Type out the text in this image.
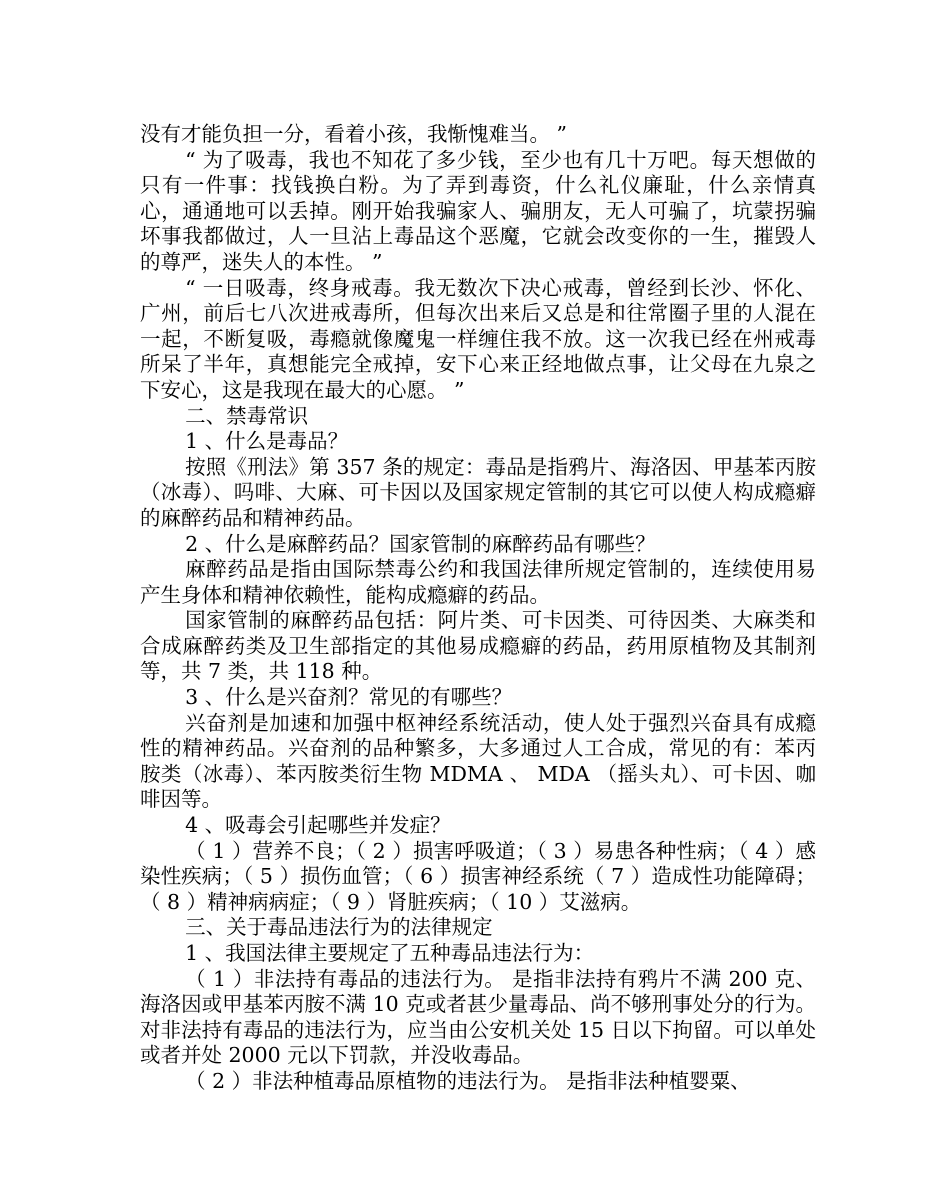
没有才能负担一分，看着小孩，我惭愧难当。 ”

“ 为了吸毒，我也不知花了多少钱，至少也有几十万吧。每天想做的只有一件事：找钱换白粉。为了弄到毒资，什么礼仪廉耻，什么亲情真心，通通地可以丢掉。刚开始我骗家人、骗朋友，无人可骗了，坑蒙拐骗坏事我都做过，人一旦沾上毒品这个恶魔，它就会改变你的一生，摧毁人的尊严，迷失人的本性。 ”

“ 一日吸毒，终身戒毒。我无数次下决心戒毒，曾经到长沙、怀化、广州，前后七八次进戒毒所，但每次出来后又总是和往常圈子里的人混在一起，不断复吸，毒瘾就像魔鬼一样缠住我不放。这一次我已经在州戒毒所呆了半年，真想能完全戒掉，安下心来正经地做点事，让父母在九泉之下安心，这是我现在最大的心愿。 ”

二、禁毒常识

1 、什么是毒品？

按照《刑法》第 357 条的规定：毒品是指鸦片、海洛因、甲基苯丙胺（冰毒）、吗啡、大麻、可卡因以及国家规定管制的其它可以使人构成瘾癖的麻醉药品和精神药品。

2 、什么是麻醉药品？国家管制的麻醉药品有哪些？

麻醉药品是指由国际禁毒公约和我国法律所规定管制的，连续使用易产生身体和精神依赖性，能构成瘾癖的药品。

国家管制的麻醉药品包括：阿片类、可卡因类、可待因类、大麻类和合成麻醉药类及卫生部指定的其他易成瘾癖的药品，药用原植物及其制剂等，共 7 类，共 118 种。

3 、什么是兴奋剂？常见的有哪些？

兴奋剂是加速和加强中枢神经系统活动，使人处于强烈兴奋具有成瘾性的精神药品。兴奋剂的品种繁多，大多通过人工合成，常见的有：苯丙胺类（冰毒）、苯丙胺类衍生物 MDMA 、 MDA （摇头丸）、可卡因、咖啡因等。

4 、吸毒会引起哪些并发症？

（ 1 ）营养不良；（ 2 ）损害呼吸道；（ 3 ）易患各种性病；（ 4 ）感染性疾病；（ 5 ）损伤血管；（ 6 ）损害神经系统（ 7 ）造成性功能障碍；（ 8 ）精神病病症；（ 9 ）肾脏疾病；（ 10 ）艾滋病。

三、关于毒品违法行为的法律规定

1 、我国法律主要规定了五种毒品违法行为：

（ 1 ）非法持有毒品的违法行为。 是指非法持有鸦片不满 200 克、海洛因或甲基苯丙胺不满 10 克或者甚少量毒品、尚不够刑事处分的行为。对非法持有毒品的违法行为，应当由公安机关处 15 日以下拘留。可以单处或者并处 2000 元以下罚款，并没收毒品。

（ 2 ）非法种植毒品原植物的违法行为。 是指非法种植婴粟、
